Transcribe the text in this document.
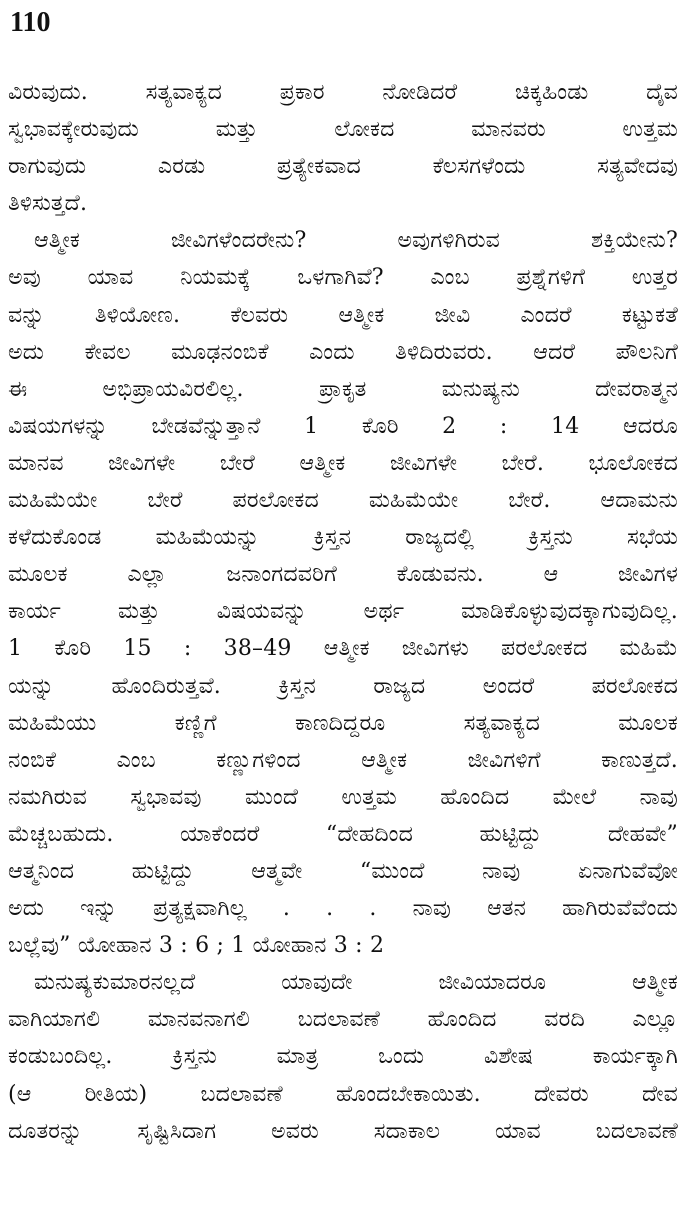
110
ವಿರುವುದು. ಸತ್ಯವಾಕ್ಯದ ಪ್ರಕಾರ ನೋಡಿದರೆ ಚಿಕ್ಕಹಿಂಡು ದೈವ
ಸ್ವಭಾವಕ್ಕೇರುವುದು ಮತ್ತು ಲೋಕದ ಮಾನವರು ಉತ್ತಮ
ರಾಗುವುದು ಎರಡು ಪ್ರತ್ಯೇಕವಾದ ಕೆಲಸಗಳೆಂದು ಸತ್ಯವೇದವು
ತಿಳಿಸುತ್ತದೆ.
ಆತ್ಮೀಕ ಜೀವಿಗಳೆಂದರೇನು? ಅವುಗಳಿಗಿರುವ ಶಕ್ತಿಯೇನು?
ಅವು ಯಾವ ನಿಯಮಕ್ಕೆ ಒಳಗಾಗಿವೆ? ಎಂಬ ಪ್ರಶ್ನೆಗಳಿಗೆ ಉತ್ತರ
ವನ್ನು ತಿಳಿಯೋಣ. ಕೆಲವರು ಆತ್ಮೀಕ ಜೀವಿ ಎಂದರೆ ಕಟ್ಟುಕತೆ
ಅದು ಕೇವಲ ಮೂಢನಂಬಿಕೆ ಎಂದು ತಿಳಿದಿರುವರು. ಆದರೆ ಪೌಲನಿಗೆ
ಈ ಅಭಿಪ್ರಾಯವಿರಲಿಲ್ಲ. ಪ್ರಾಕೃತ ಮನುಷ್ಯನು ದೇವರಾತ್ಮನ
ವಿಷಯಗಳನ್ನು ಬೇಡವೆನ್ನುತ್ತಾನೆ 1 ಕೊರಿ 2 : 14 ಆದರೂ
ಮಾನವ ಜೀವಿಗಳೇ ಬೇರೆ ಆತ್ಮೀಕ ಜೀವಿಗಳೇ ಬೇರೆ. ಭೂಲೋಕದ
ಮಹಿಮೆಯೇ ಬೇರೆ ಪರಲೋಕದ ಮಹಿಮೆಯೇ ಬೇರೆ. ಆದಾಮನು
ಕಳೆದುಕೊಂಡ ಮಹಿಮೆಯನ್ನು ಕ್ರಿಸ್ತನ ರಾಜ್ಯದಲ್ಲಿ ಕ್ರಿಸ್ತನು ಸಭೆಯ
ಮೂಲಕ ಎಲ್ಲಾ ಜನಾಂಗದವರಿಗೆ ಕೊಡುವನು. ಆ ಜೀವಿಗಳ
ಕಾರ್ಯ ಮತ್ತು ವಿಷಯವನ್ನು ಅರ್ಥ ಮಾಡಿಕೊಳ್ಳುವುದಕ್ಕಾಗುವುದಿಲ್ಲ.
1 ಕೊರಿ 15 : 38–49 ಆತ್ಮೀಕ ಜೀವಿಗಳು ಪರಲೋಕದ ಮಹಿಮೆ
ಯನ್ನು ಹೊಂದಿರುತ್ತವೆ. ಕ್ರಿಸ್ತನ ರಾಜ್ಯದ ಅಂದರೆ ಪರಲೋಕದ
ಮಹಿಮೆಯು ಕಣ್ಣಿಗೆ ಕಾಣದಿದ್ದರೂ ಸತ್ಯವಾಕ್ಯದ ಮೂಲಕ
ನಂಬಿಕೆ ಎಂಬ ಕಣ್ಣುಗಳಿಂದ ಆತ್ಮೀಕ ಜೀವಿಗಳಿಗೆ ಕಾಣುತ್ತದೆ.
ನಮಗಿರುವ ಸ್ವಭಾವವು ಮುಂದೆ ಉತ್ತಮ ಹೊಂದಿದ ಮೇಲೆ ನಾವು
ಮೆಚ್ಚಬಹುದು. ಯಾಕೆಂದರೆ “ದೇಹದಿಂದ ಹುಟ್ಟಿದ್ದು ದೇಹವೇ”
ಆತ್ಮನಿಂದ ಹುಟ್ಟಿದ್ದು ಆತ್ಮವೇ “ಮುಂದೆ ನಾವು ಏನಾಗುವೆವೋ
ಅದು ಇನ್ನು ಪ್ರತ್ಯಕ್ಷವಾಗಿಲ್ಲ . . . ನಾವು ಆತನ ಹಾಗಿರುವೆವೆಂದು
ಬಲ್ಲೆವು” ಯೋಹಾನ 3 : 6 ; 1 ಯೋಹಾನ 3 : 2
ಮನುಷ್ಯಕುಮಾರನಲ್ಲದೆ ಯಾವುದೇ ಜೀವಿಯಾದರೂ ಆತ್ಮೀಕ
ವಾಗಿಯಾಗಲಿ ಮಾನವನಾಗಲಿ ಬದಲಾವಣೆ ಹೊಂದಿದ ವರದಿ ಎಲ್ಲೂ
ಕಂಡುಬಂದಿಲ್ಲ. ಕ್ರಿಸ್ತನು ಮಾತ್ರ ಒಂದು ವಿಶೇಷ ಕಾರ್ಯಕ್ಕಾಗಿ
(ಆ ರೀತಿಯ) ಬದಲಾವಣೆ ಹೊಂದಬೇಕಾಯಿತು. ದೇವರು ದೇವ
ದೂತರನ್ನು ಸೃಷ್ಟಿಸಿದಾಗ ಅವರು ಸದಾಕಾಲ ಯಾವ ಬದಲಾವಣೆ
